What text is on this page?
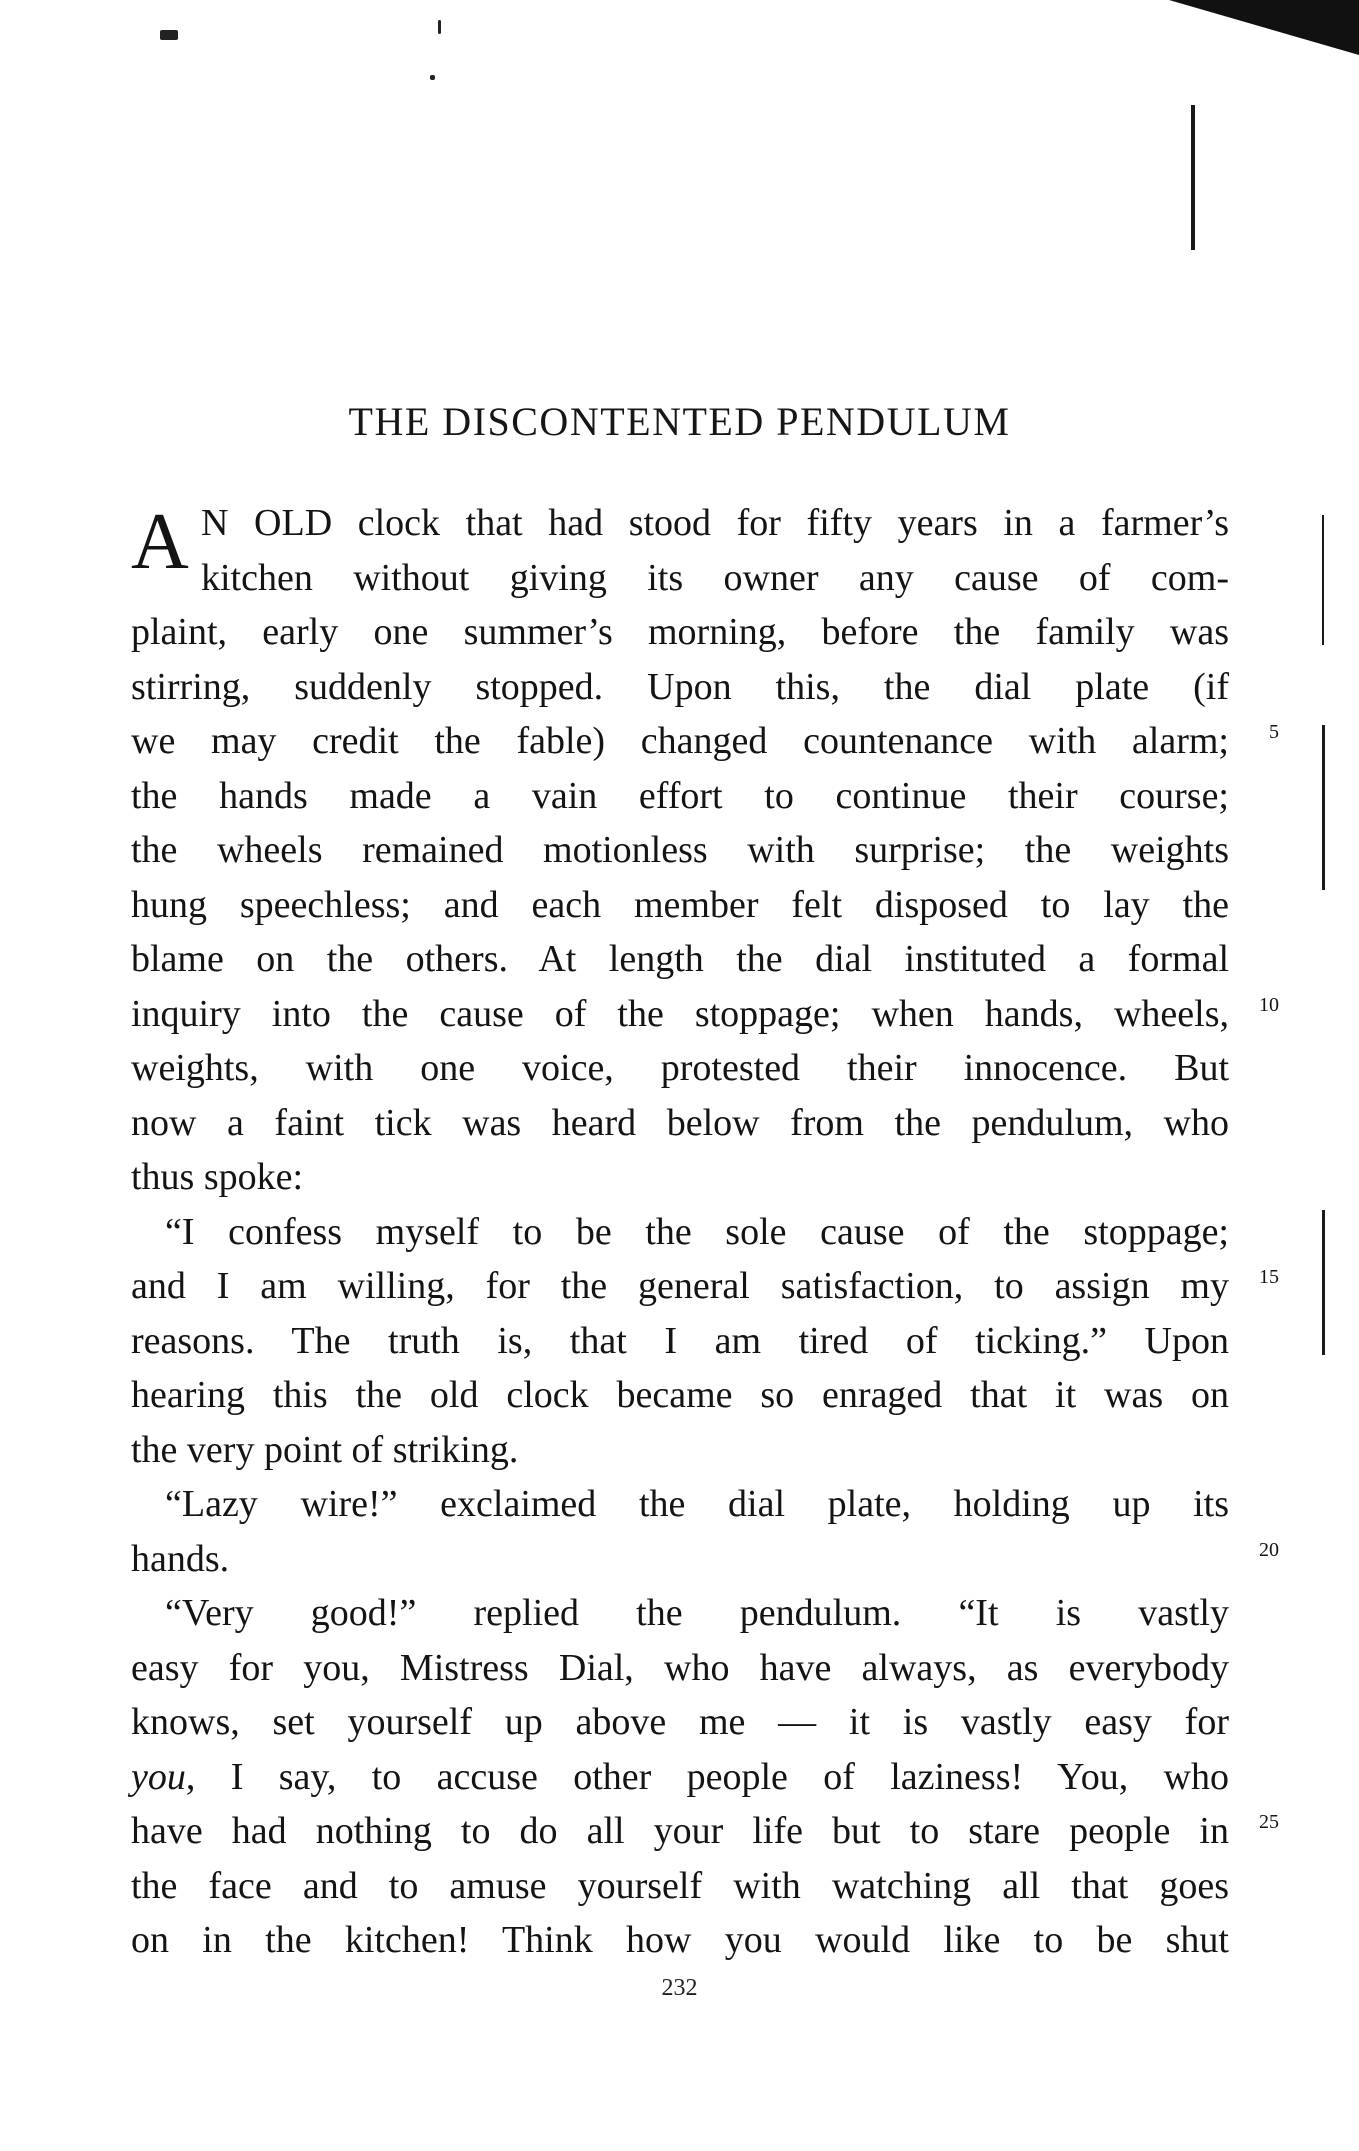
THE DISCONTENTED PENDULUM
A N OLD clock that had stood for fifty years in a farmer’s
kitchen without giving its owner any cause of com-
plaint, early one summer’s morning, before the family was
stirring, suddenly stopped. Upon this, the dial plate (if
we may credit the fable) changed countenance with alarm; 5
the hands made a vain effort to continue their course;
the wheels remained motionless with surprise; the weights
hung speechless; and each member felt disposed to lay the
blame on the others. At length the dial instituted a formal
inquiry into the cause of the stoppage; when hands, wheels, 10
weights, with one voice, protested their innocence. But
now a faint tick was heard below from the pendulum, who
thus spoke:
“I confess myself to be the sole cause of the stoppage;
and I am willing, for the general satisfaction, to assign my 15
reasons. The truth is, that I am tired of ticking.” Upon
hearing this the old clock became so enraged that it was on
the very point of striking.
“Lazy wire!” exclaimed the dial plate, holding up its
hands.	20
“Very good!” replied the pendulum. “It is vastly
easy for you, Mistress Dial, who have always, as everybody
knows, set yourself up above me — it is vastly easy for
you, I say, to accuse other people of laziness! You, who
have had nothing to do all your life but to stare people in 25
the face and to amuse yourself with watching all that goes
on in the kitchen! Think how you would like to be shut
232
